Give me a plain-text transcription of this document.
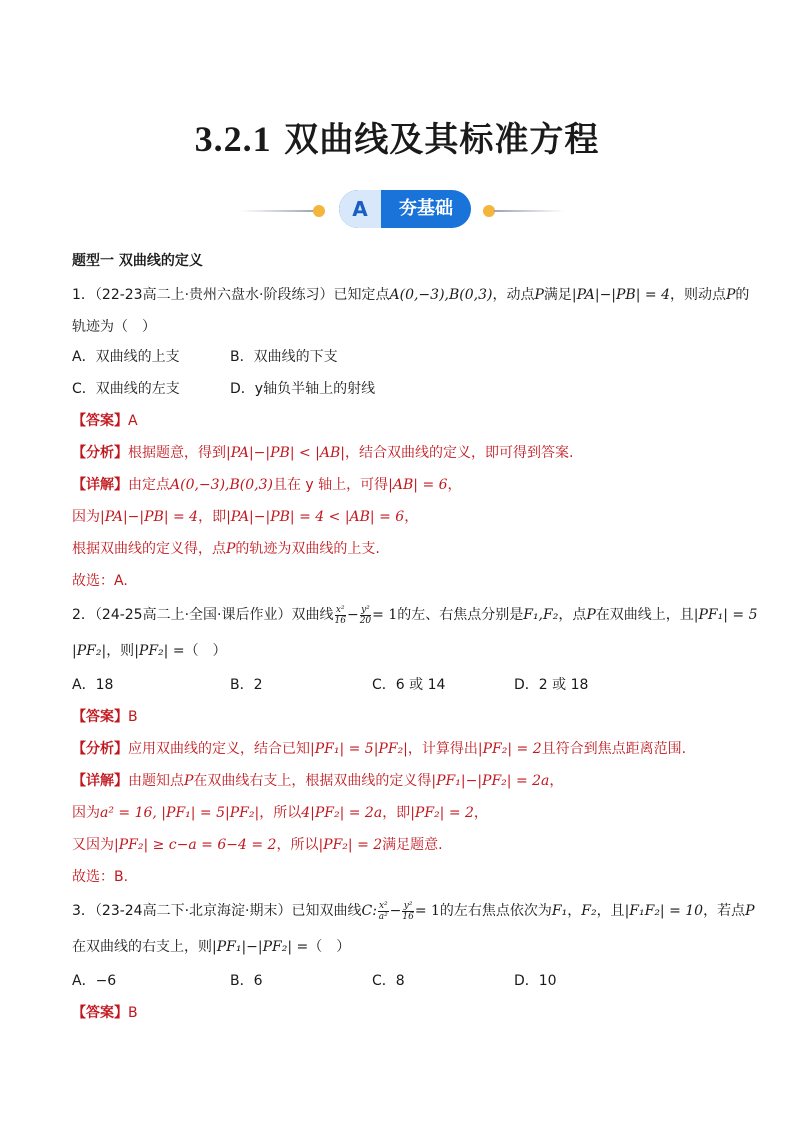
3.2.1 双曲线及其标准方程
A	夯基础
题型一 双曲线的定义
1．（22-23高二上·贵州六盘水·阶段练习）已知定点A(0,−3),B(0,3)，动点P满足|PA|−|PB| = 4，则动点P的
轨迹为（　）
A．双曲线的上支	B．双曲线的下支
C．双曲线的左支	D．y轴负半轴上的射线
【答案】A
【分析】根据题意，得到|PA|−|PB| < |AB|，结合双曲线的定义，即可得到答案.
【详解】由定点A(0,−3),B(0,3)且在 y 轴上，可得|AB| = 6，
因为|PA|−|PB| = 4，即|PA|−|PB| = 4 < |AB| = 6，
根据双曲线的定义得，点P的轨迹为双曲线的上支.
故选：A.
2．（24-25高二上·全国·课后作业）双曲线 $\frac{\text{x²}}{16} - \frac{\text{y²}}{20} = 1$的左、右焦点分别是F₁,F₂，点P在双曲线上，且|PF₁| = 5
|PF₂|，则|PF₂| =（　）
A．18	B．2	C．6 或 14	D．2 或 18
【答案】B
【分析】应用双曲线的定义，结合已知|PF₁| = 5|PF₂|，计算得出|PF₂| = 2且符合到焦点距离范围.
【详解】由题知点P在双曲线右支上，根据双曲线的定义得|PF₁|−|PF₂| = 2a，
因为a² = 16, |PF₁| = 5|PF₂|，所以4|PF₂| = 2a，即|PF₂| = 2，
又因为|PF₂| ≥ c−a = 6−4 = 2，所以|PF₂| = 2满足题意.
故选：B.
3．（23-24高二下·北京海淀·期末）已知双曲线C: $\frac{\text{x²}}{\text{a²}} - \frac{\text{y²}}{16} = 1$的左右焦点依次为F₁，F₂，且|F₁F₂| = 10，若点P
在双曲线的右支上，则|PF₁|−|PF₂| =（　）
A．−6	B．6	C．8	D．10
【答案】B
